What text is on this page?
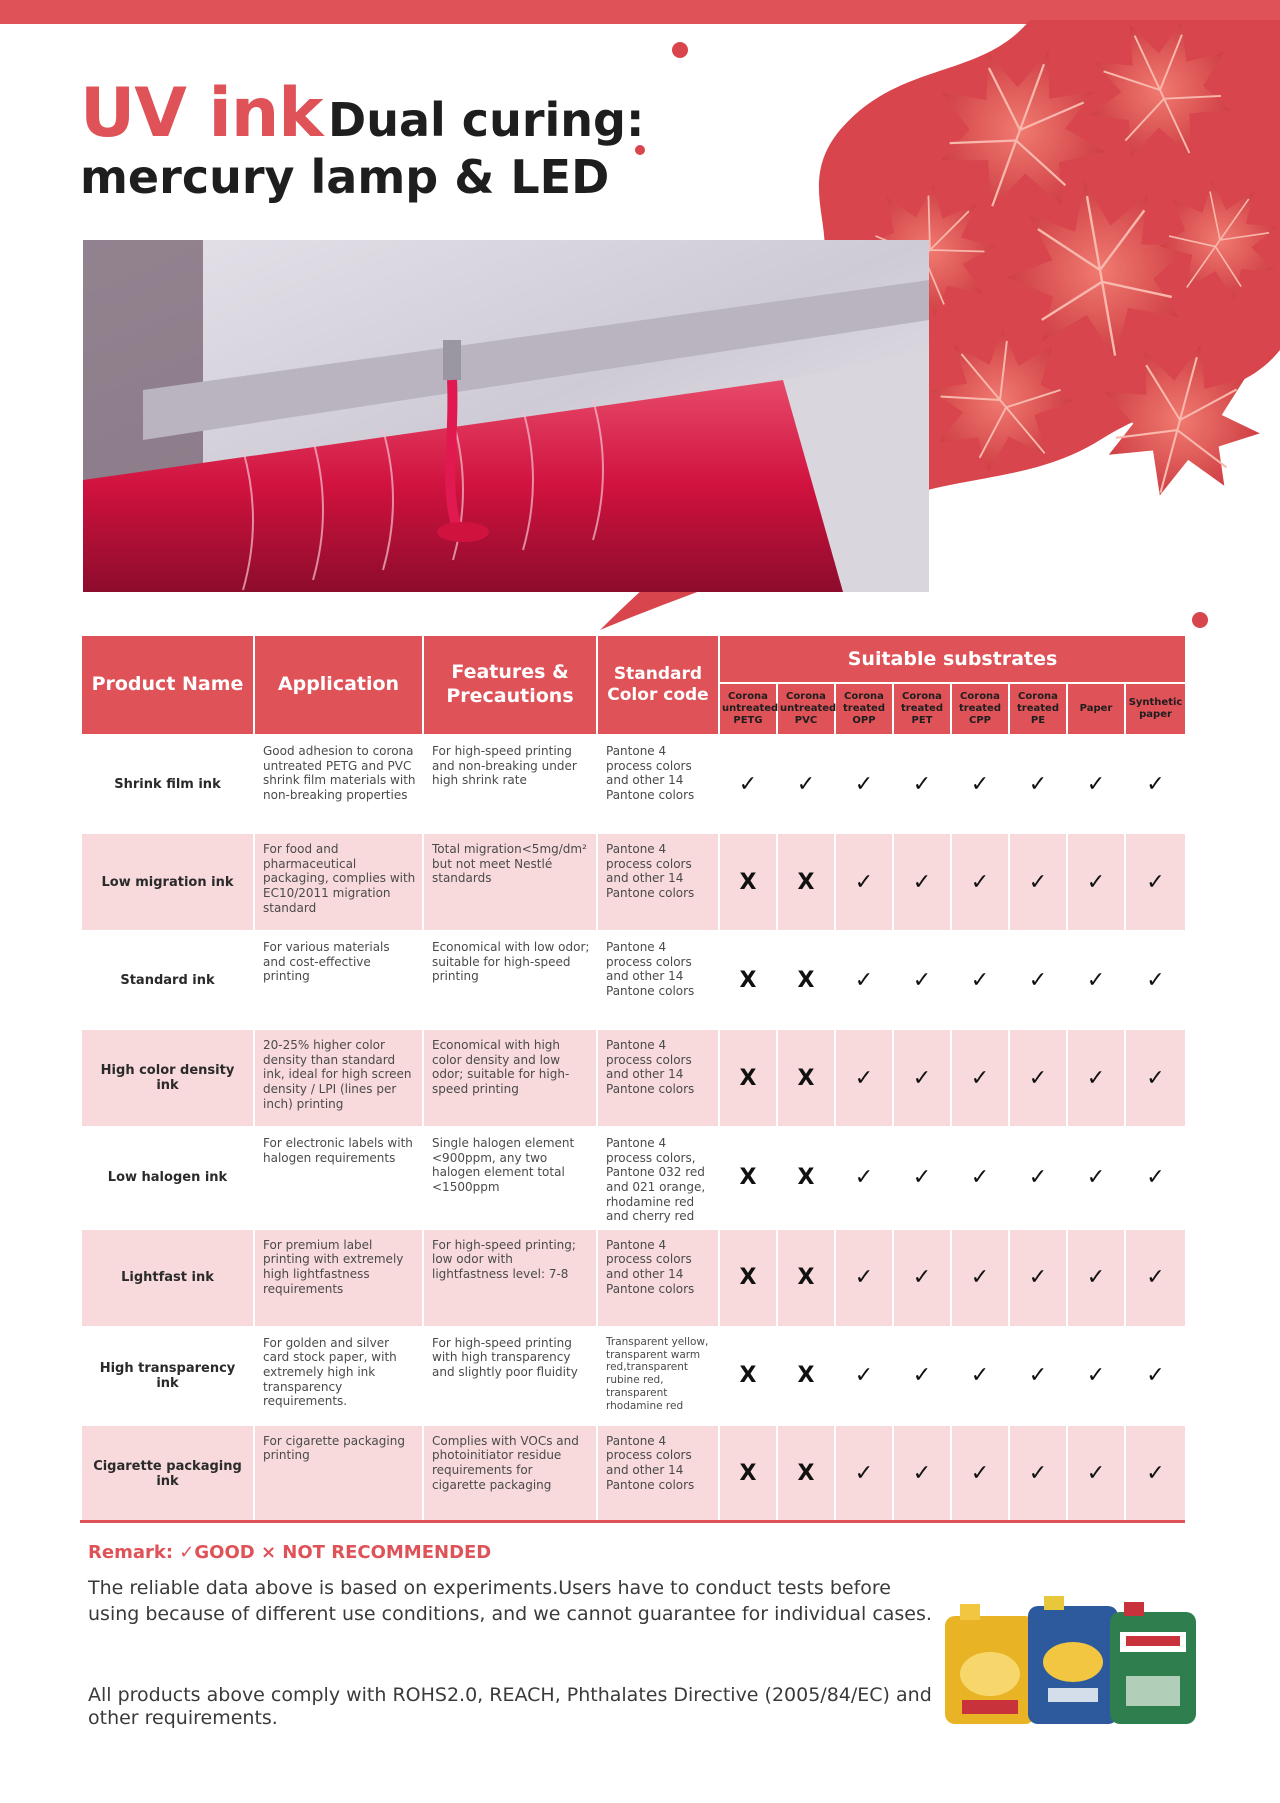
UV ink Dual curing:
mercury lamp & LED
Product Name	Application	Features & Precautions	Standard Color code	Suitable substrates							
				Corona untreated PETG	Corona untreated PVC	Corona treated OPP	Corona treated PET	Corona treated CPP	Corona treated PE	Paper	Synthetic paper
Shrink film ink	Good adhesion to corona untreated PETG and PVC shrink film materials with non-breaking properties	For high-speed printing and non-breaking under high shrink rate	Pantone 4 process colors and other 14 Pantone colors	✓	✓	✓	✓	✓	✓	✓	✓
Low migration ink	For food and pharmaceutical packaging, complies with EC10/2011 migration standard	Total migration<5mg/dm² but not meet Nestlé standards	Pantone 4 process colors and other 14 Pantone colors	X	X	✓	✓	✓	✓	✓	✓
Standard ink	For various materials and cost-effective printing	Economical with low odor; suitable for high-speed printing	Pantone 4 process colors and other 14 Pantone colors	X	X	✓	✓	✓	✓	✓	✓
High color density ink	20-25% higher color density than standard ink, ideal for high screen density / LPI (lines per inch) printing	Economical with high color density and low odor; suitable for high-speed printing	Pantone 4 process colors and other 14 Pantone colors	X	X	✓	✓	✓	✓	✓	✓
Low halogen ink	For electronic labels with halogen requirements	Single halogen element <900ppm, any two halogen element total <1500ppm	Pantone 4 process colors, Pantone 032 red and 021 orange, rhodamine red and cherry red	X	X	✓	✓	✓	✓	✓	✓
Lightfast ink	For premium label printing with extremely high lightfastness requirements	For high-speed printing; low odor with lightfastness level: 7-8	Pantone 4 process colors and other 14 Pantone colors	X	X	✓	✓	✓	✓	✓	✓
High transparency ink	For golden and silver card stock paper, with extremely high ink transparency requirements.	For high-speed printing with high transparency and slightly poor fluidity	Transparent yellow, transparent warm red,transparent rubine red, transparent rhodamine red	X	X	✓	✓	✓	✓	✓	✓
Cigarette packaging ink	For cigarette packaging printing	Complies with VOCs and photoinitiator residue requirements for cigarette packaging	Pantone 4 process colors and other 14 Pantone colors	X	X	✓	✓	✓	✓	✓	✓
Remark: ✓GOOD × NOT RECOMMENDED
The reliable data above is based on experiments.Users have to conduct tests before using because of different use conditions, and we cannot guarantee for individual cases.
All products above comply with ROHS2.0, REACH, Phthalates Directive (2005/84/EC) and other requirements.
